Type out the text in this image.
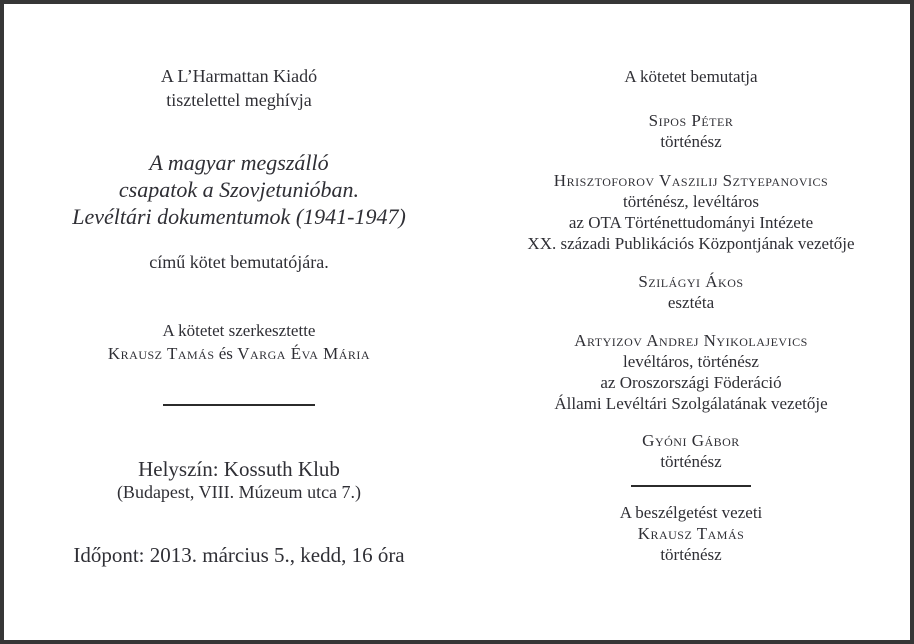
A L’Harmattan Kiadó
tisztelettel meghívja
A magyar megszálló
csapatok a Szovjetunióban.
Levéltári dokumentumok (1941-1947)
című kötet bemutatójára.
A kötetet szerkesztette
Krausz Tamás és Varga Éva Mária
Helyszín: Kossuth Klub
(Budapest, VIII. Múzeum utca 7.)
Időpont: 2013. március 5., kedd, 16 óra
A kötetet bemutatja
Sipos Péter
történész
Hrisztoforov Vaszilij Sztyepanovics
történész, levéltáros
az OTA Történettudományi Intézete
XX. századi Publikációs Központjának vezetője
Szilágyi Ákos
esztéta
Artyizov Andrej Nyikolajevics
levéltáros, történész
az Oroszországi Föderáció
Állami Levéltári Szolgálatának vezetője
Gyóni Gábor
történész
A beszélgetést vezeti
Krausz Tamás
történész
